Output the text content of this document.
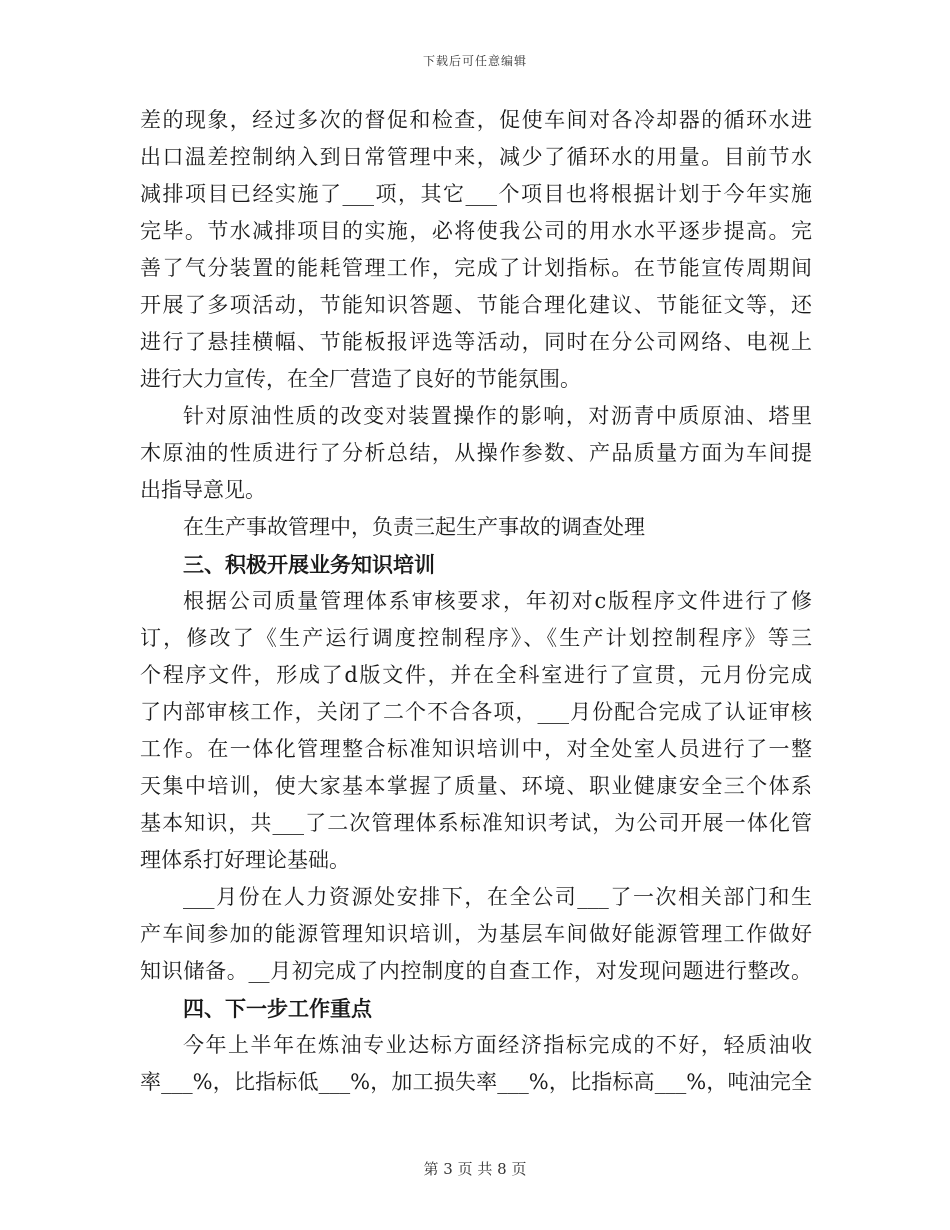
下载后可任意编辑
差的现象，经过多次的督促和检查，促使车间对各冷却器的循环水进
出口温差控制纳入到日常管理中来，减少了循环水的用量。目前节水
减排项目已经实施了___项，其它___个项目也将根据计划于今年实施
完毕。节水减排项目的实施，必将使我公司的用水水平逐步提高。完
善了气分装置的能耗管理工作，完成了计划指标。在节能宣传周期间
开展了多项活动，节能知识答题、节能合理化建议、节能征文等，还
进行了悬挂横幅、节能板报评选等活动，同时在分公司网络、电视上
进行大力宣传，在全厂营造了良好的节能氛围。
针对原油性质的改变对装置操作的影响，对沥青中质原油、塔里
木原油的性质进行了分析总结，从操作参数、产品质量方面为车间提
出指导意见。
在生产事故管理中，负责三起生产事故的调查处理
三、积极开展业务知识培训
根据公司质量管理体系审核要求，年初对c版程序文件进行了修
订，修改了《生产运行调度控制程序》、《生产计划控制程序》等三
个程序文件，形成了d版文件，并在全科室进行了宣贯，元月份完成
了内部审核工作，关闭了二个不合各项，___月份配合完成了认证审核
工作。在一体化管理整合标准知识培训中，对全处室人员进行了一整
天集中培训，使大家基本掌握了质量、环境、职业健康安全三个体系
基本知识，共___了二次管理体系标准知识考试，为公司开展一体化管
理体系打好理论基础。
___月份在人力资源处安排下，在全公司___了一次相关部门和生
产车间参加的能源管理知识培训，为基层车间做好能源管理工作做好
知识储备。__月初完成了内控制度的自查工作，对发现问题进行整改。
四、下一步工作重点
今年上半年在炼油专业达标方面经济指标完成的不好，轻质油收
率___%，比指标低___%，加工损失率___%，比指标高___%，吨油完全
第 3 页 共 8 页
